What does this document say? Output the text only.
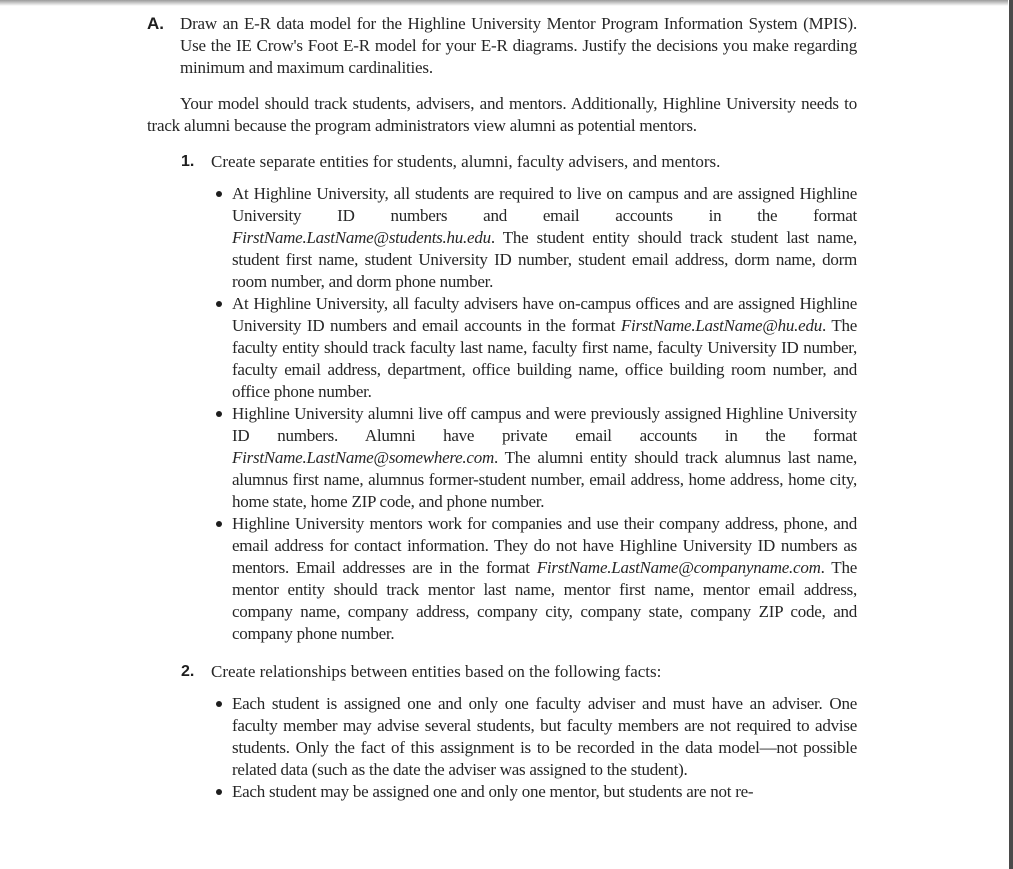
A. Draw an E-R data model for the Highline University Mentor Program Information System (MPIS). Use the IE Crow's Foot E-R model for your E-R diagrams. Justify the decisions you make regarding minimum and maximum cardinalities.

Your model should track students, advisers, and mentors. Additionally, Highline University needs to track alumni because the program administrators view alumni as potential mentors.

1. Create separate entities for students, alumni, faculty advisers, and mentors.
At Highline University, all students are required to live on campus and are assigned Highline University ID numbers and email accounts in the format FirstName.LastName@students.hu.edu. The student entity should track student last name, student first name, student University ID number, student email address, dorm name, dorm room number, and dorm phone number.
At Highline University, all faculty advisers have on-campus offices and are assigned Highline University ID numbers and email accounts in the format FirstName.LastName@hu.edu. The faculty entity should track faculty last name, faculty first name, faculty University ID number, faculty email address, department, office building name, office building room number, and office phone number.
Highline University alumni live off campus and were previously assigned Highline University ID numbers. Alumni have private email accounts in the format FirstName.LastName@somewhere.com. The alumni entity should track alumnus last name, alumnus first name, alumnus former-student number, email address, home address, home city, home state, home ZIP code, and phone number.
Highline University mentors work for companies and use their company address, phone, and email address for contact information. They do not have Highline University ID numbers as mentors. Email addresses are in the format FirstName.LastName@companyname.com. The mentor entity should track mentor last name, mentor first name, mentor email address, company name, company address, company city, company state, company ZIP code, and company phone number.
2. Create relationships between entities based on the following facts:
Each student is assigned one and only one faculty adviser and must have an adviser. One faculty member may advise several students, but faculty members are not required to advise students. Only the fact of this assignment is to be recorded in the data model—not possible related data (such as the date the adviser was assigned to the student).
Each student may be assigned one and only one mentor, but students are not re-
